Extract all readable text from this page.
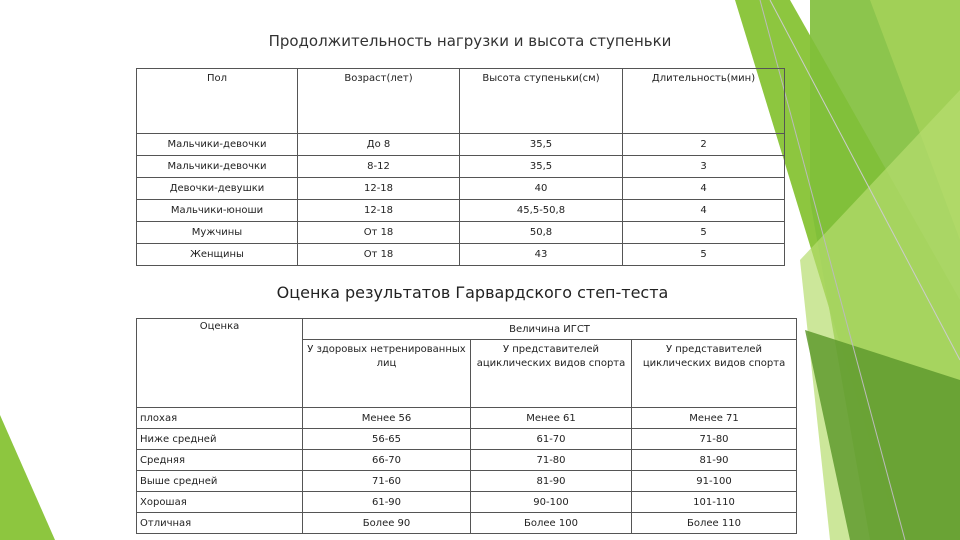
Продолжительность нагрузки и высота ступеньки
Пол	Возраст(лет)	Высота ступеньки(см)	Длительность(мин)
Мальчики-девочки	До 8	35,5	2
Мальчики-девочки	8-12	35,5	3
Девочки-девушки	12-18	40	4
Мальчики-юноши	12-18	45,5-50,8	4
Мужчины	От 18	50,8	5
Женщины	От 18	43	5
Оценка результатов Гарвардского степ-теста
Оценка	Величина ИГСТ		
	У здоровых нетренированных лиц	У представителей ациклических видов спорта	У представителей циклических видов спорта
плохая	Менее 56	Менее 61	Менее 71
Ниже средней	56-65	61-70	71-80
Средняя	66-70	71-80	81-90
Выше средней	71-60	81-90	91-100
Хорошая	61-90	90-100	101-110
Отличная	Более 90	Более 100	Более 110
